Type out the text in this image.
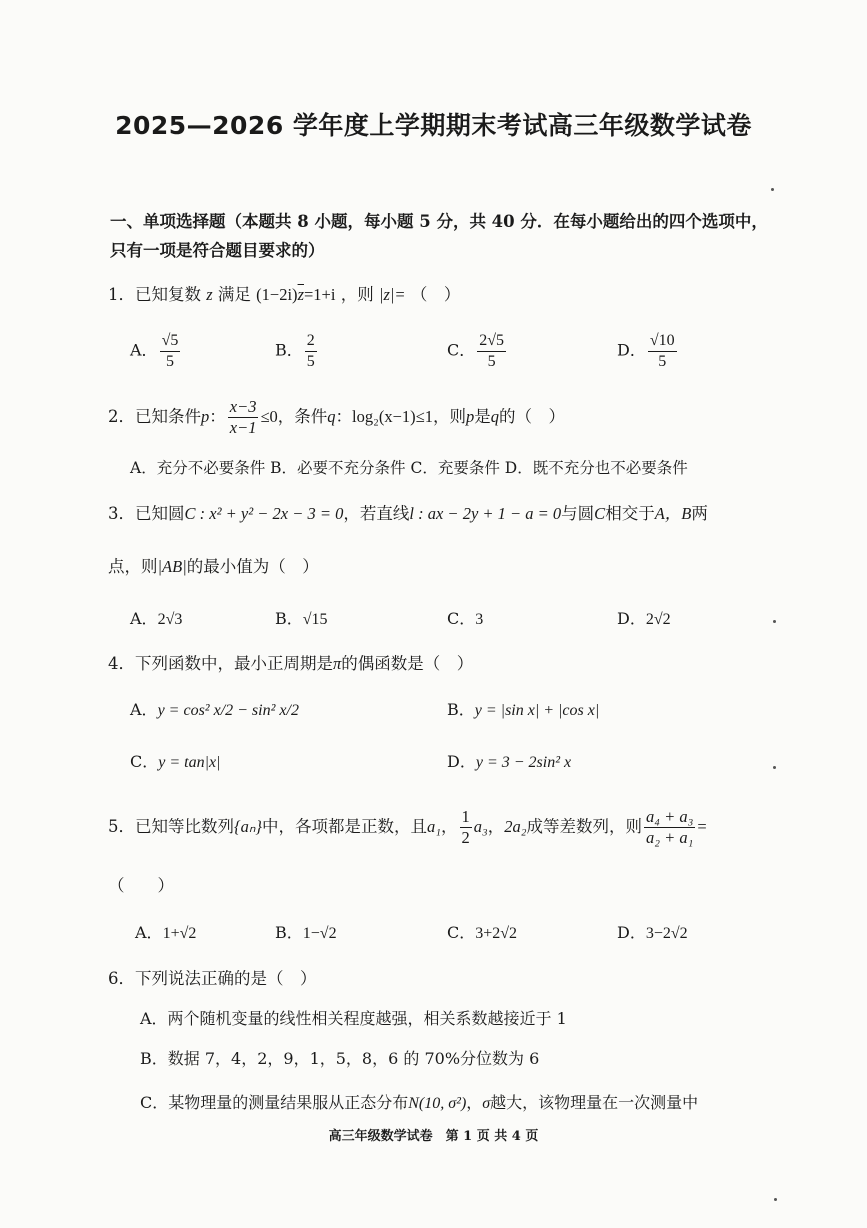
2025—2026 学年度上学期期末考试高三年级数学试卷
一、单项选择题（本题共 8 小题，每小题 5 分，共 40 分．在每小题给出的四个选项中，
只有一项是符合题目要求的）
1．已知复数 z 满足 $(1-2i)\overline{z}=1+i$ ，则 |z|= （　）
A． $\frac{√5}{5}$	B． $\frac{2}{5}$	C． $\frac{2√5}{5}$	D． $\frac{√10}{5}$
2．已知条件p： $\frac{x-3}{x-1} \le 0$，条件q：log₂(x−1)≤1，则p是q的（　）
A．充分不必要条件 B．必要不充分条件 C．充要条件 D．既不充分也不必要条件
3．已知圆C : x² + y² − 2x − 3 = 0，若直线l : ax − 2y + 1 − a = 0与圆C相交于A，B两
点，则|AB|的最小值为（　）
A．2√3	B．√15	C．3	D．2√2
4．下列函数中，最小正周期是π的偶函数是（　）
A．y = cos² x/2 − sin² x/2	B．y = |sin x| + |cos x|
C．y = tan|x|	D．y = 3 − 2sin² x
5．已知等比数列{aₙ}中，各项都是正数，且a₁， $\frac{1}{2} a_3$，2a₂成等差数列，则 $\frac{\text{a₄ + a₃}}{\text{a₂ + a₁}}$ =
（　　）
A．1+√2	B．1−√2	C．3+2√2	D．3−2√2
6．下列说法正确的是（　）
A．两个随机变量的线性相关程度越强，相关系数越接近于 1
B．数据 7，4，2，9，1，5，8，6 的 70%分位数为 6
C．某物理量的测量结果服从正态分布N(10, σ²)，σ越大，该物理量在一次测量中
高三年级数学试卷　第 1 页 共 4 页
